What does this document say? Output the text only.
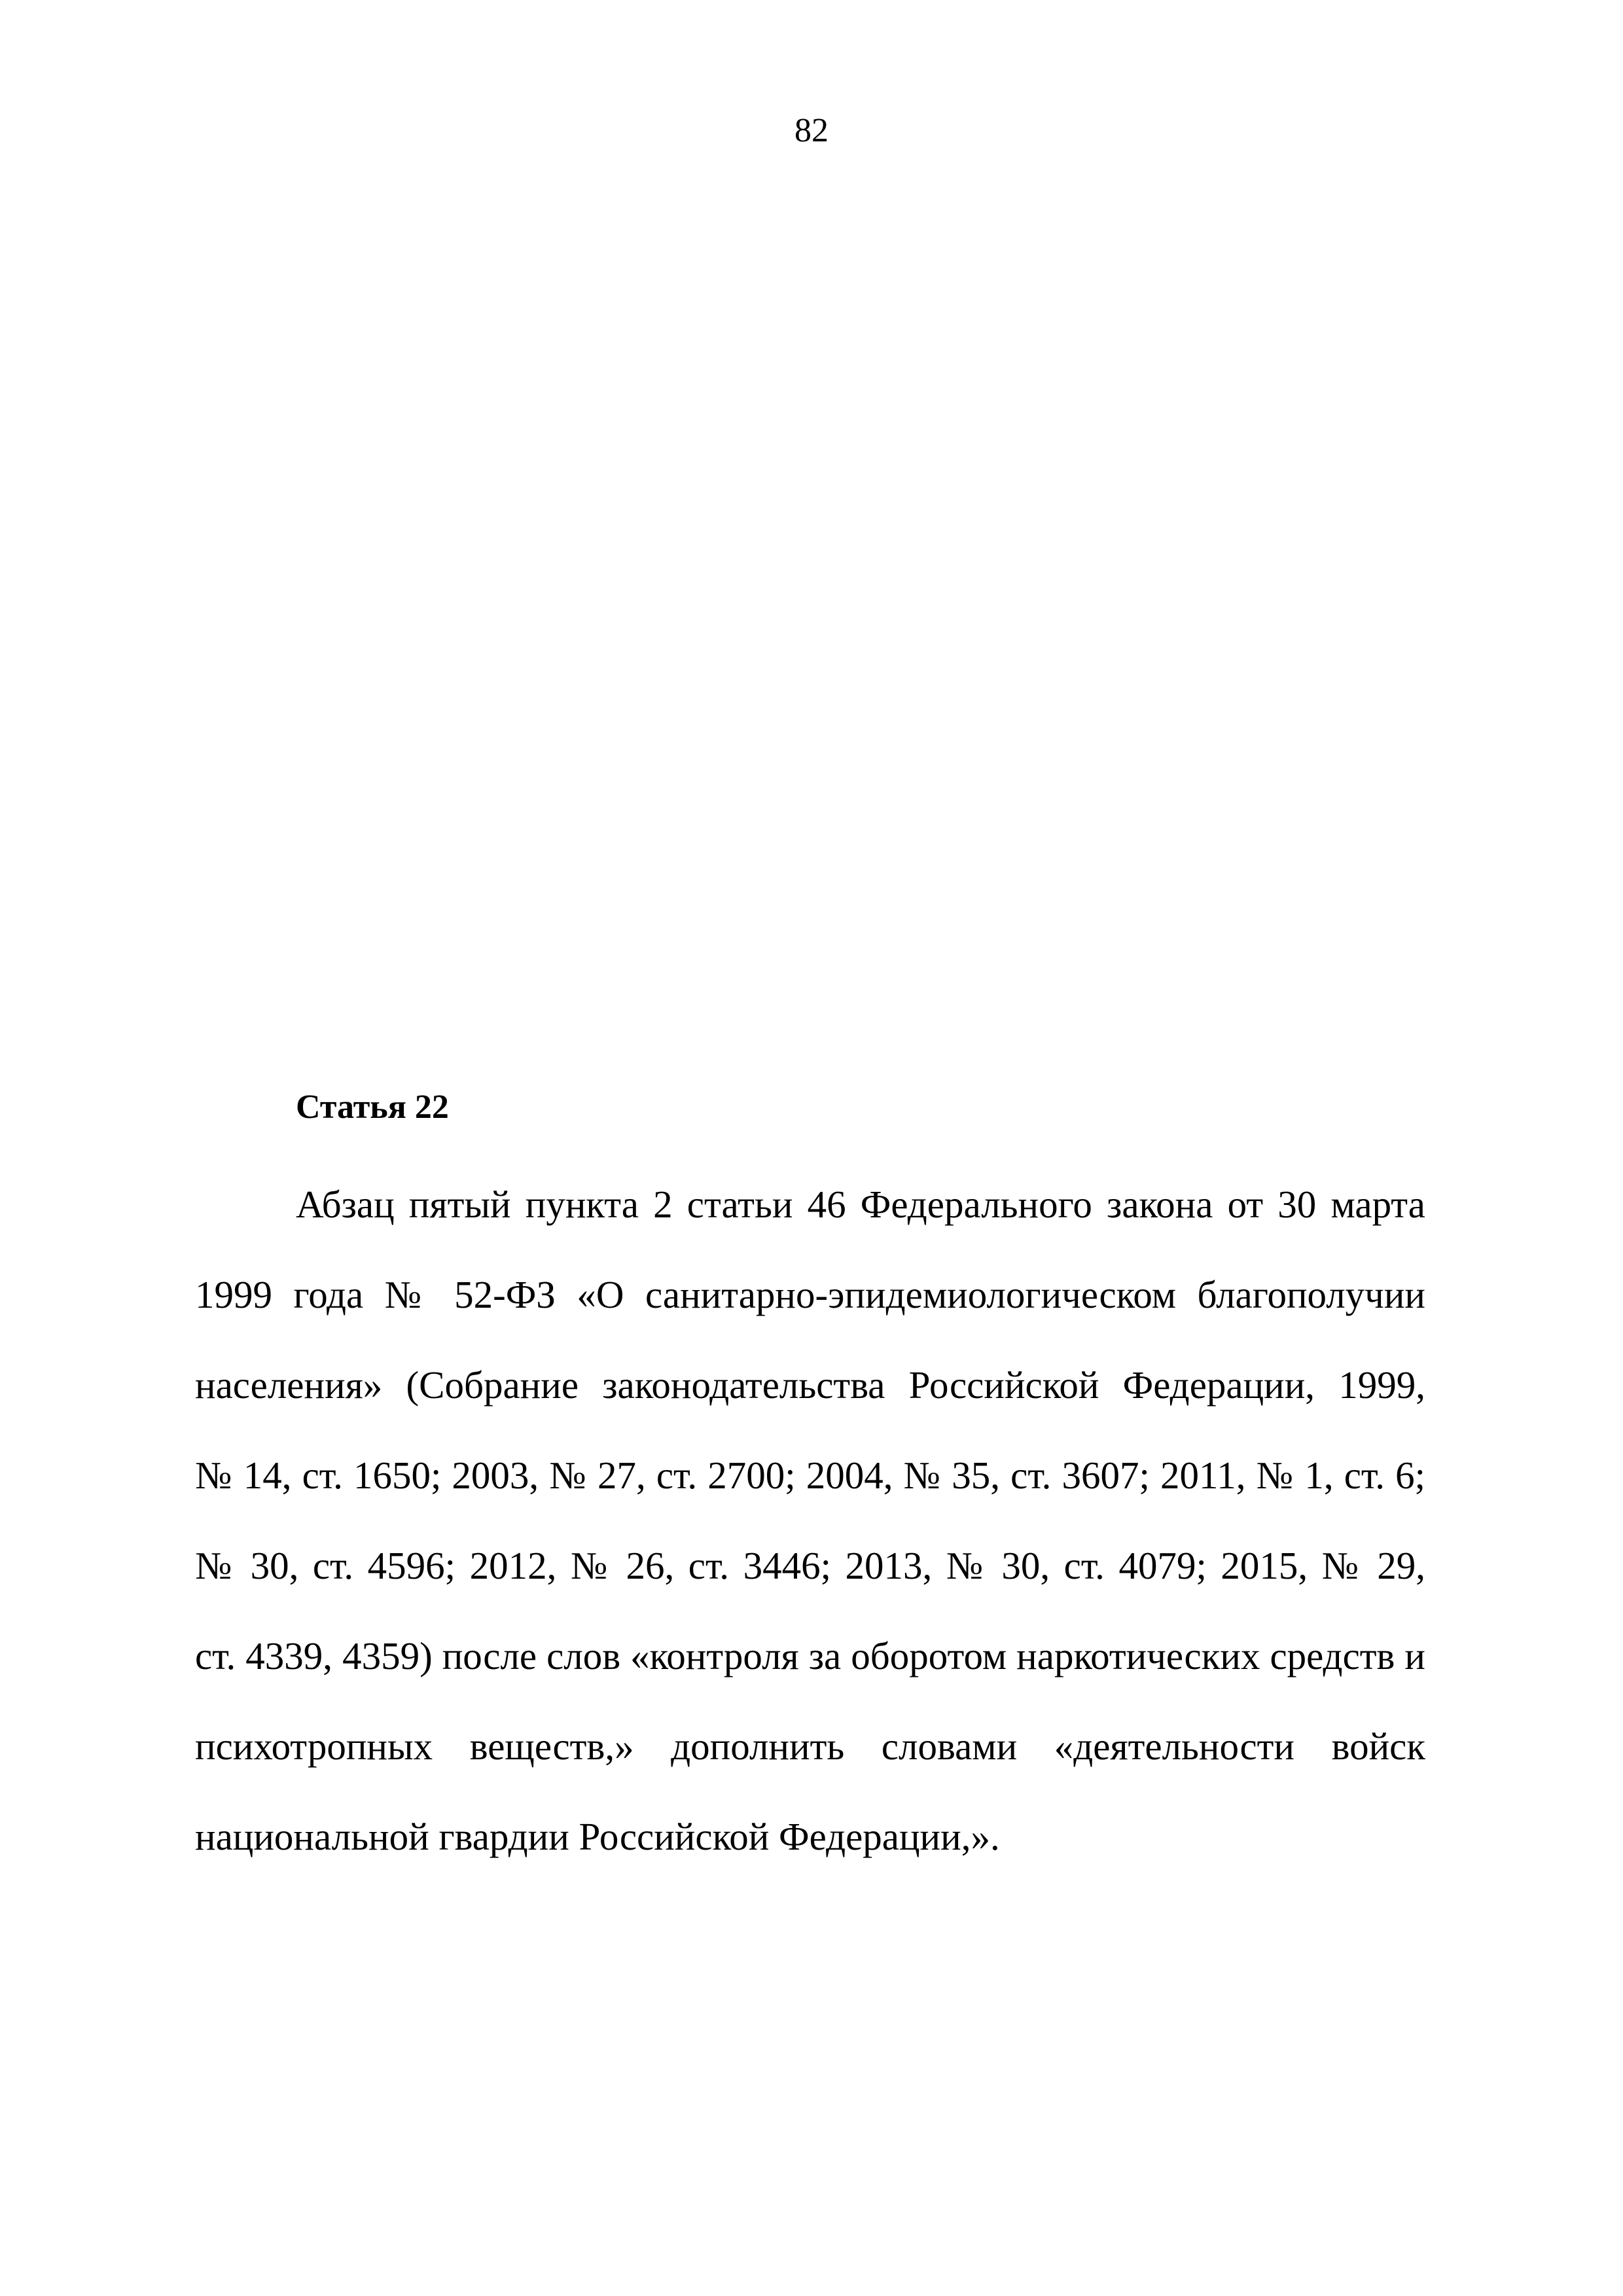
82
Статья 22
Абзац пятый пункта 2 статьи 46 Федерального закона от 30 марта
1999 года № 52-ФЗ «О санитарно-эпидемиологическом благополучии
населения» (Собрание законодательства Российской Федерации, 1999,
№ 14, ст. 1650; 2003, № 27, ст. 2700; 2004, № 35, ст. 3607; 2011, № 1, ст. 6;
№ 30, ст. 4596; 2012, № 26, ст. 3446; 2013, № 30, ст. 4079; 2015, № 29,
ст. 4339, 4359) после слов «контроля за оборотом наркотических средств и
психотропных веществ,» дополнить словами «деятельности войск
национальной гвардии Российской Федерации,».
